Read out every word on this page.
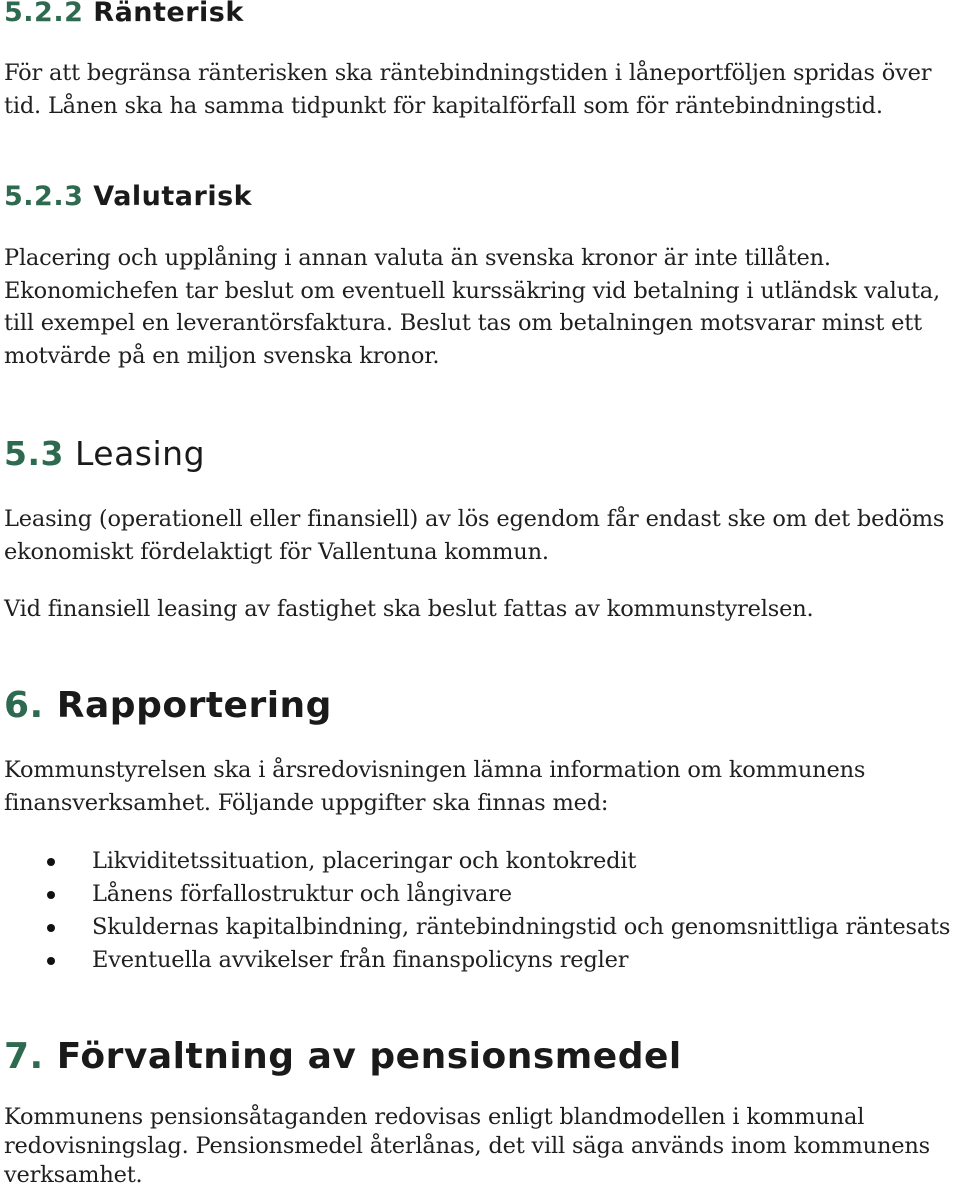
5.2.2 Ränterisk

För att begränsa ränterisken ska räntebindningstiden i låneportföljen spridas över tid. Lånen ska ha samma tidpunkt för kapitalförfall som för räntebindningstid.

5.2.3 Valutarisk

Placering och upplåning i annan valuta än svenska kronor är inte tillåten. Ekonomichefen tar beslut om eventuell kurssäkring vid betalning i utländsk valuta, till exempel en leverantörsfaktura. Beslut tas om betalningen motsvarar minst ett motvärde på en miljon svenska kronor.

5.3 Leasing

Leasing (operationell eller finansiell) av lös egendom får endast ske om det bedöms ekonomiskt fördelaktigt för Vallentuna kommun.

Vid finansiell leasing av fastighet ska beslut fattas av kommunstyrelsen.

6. Rapportering

Kommunstyrelsen ska i årsredovisningen lämna information om kommunens finansverksamhet. Följande uppgifter ska finnas med:

Likviditetssituation, placeringar och kontokredit
Lånens förfallostruktur och långivare
Skuldernas kapitalbindning, räntebindningstid och genomsnittliga räntesats
Eventuella avvikelser från finanspolicyns regler
7. Förvaltning av pensionsmedel

Kommunens pensionsåtaganden redovisas enligt blandmodellen i kommunal redovisningslag. Pensionsmedel återlånas, det vill säga används inom kommunens verksamhet.
